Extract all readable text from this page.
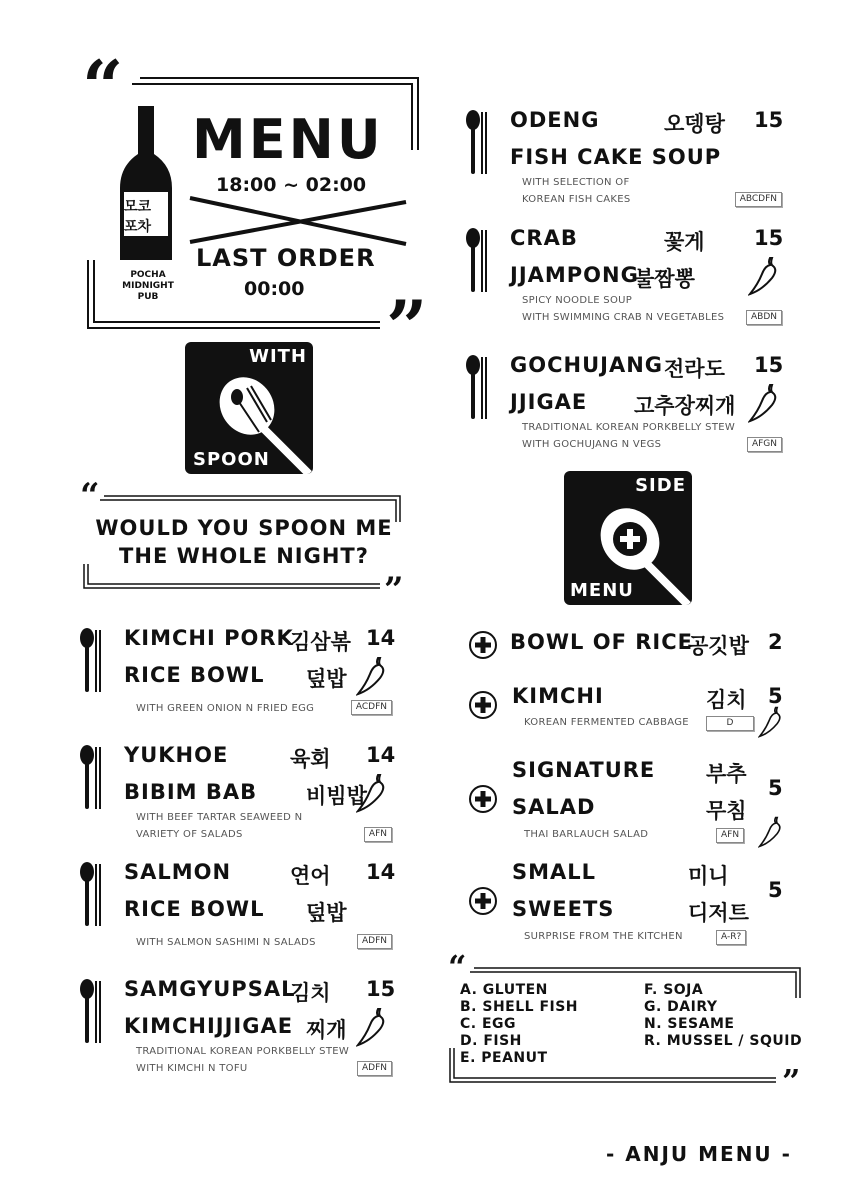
“
”
모코
포차
POCHA
MIDNIGHT
PUB
MENU
18:00 ~ 02:00
LAST ORDER
00:00
WITH
SPOON
“
”
WOULD YOU SPOON ME
THE WHOLE NIGHT?
KIMCHI PORK
RICE BOWL
김삼볶
덮밥
14
WITH GREEN ONION N FRIED EGG	ACDFN
YUKHOE
BIBIM BAB
육회
비빔밥
14
WITH BEEF TARTAR SEAWEED N
VARIETY OF SALADS	AFN
SALMON
RICE BOWL
연어
덮밥
14
WITH SALMON SASHIMI N SALADS	ADFN
SAMGYUPSAL
KIMCHIJJIGAE
김치
찌개
15
TRADITIONAL KOREAN PORKBELLY STEW
WITH KIMCHI N TOFU	ADFN
ODENG
FISH CAKE SOUP
오뎅탕 15
WITH SELECTION OF
KOREAN FISH CAKES	ABCDFN
CRAB
JJAMPONG
꽃게
불짬뽕
15
SPICY NOODLE SOUP
WITH SWIMMING CRAB N VEGETABLES	ABDN
GOCHUJANG
JJIGAE
전라도
고추장찌개
15
TRADITIONAL KOREAN PORKBELLY STEW
WITH GOCHUJANG N VEGS	AFGN
SIDE
MENU
BOWL OF RICE
공깃밥 2
KIMCHI	김치 5
KOREAN FERMENTED CABBAGE	D
SIGNATURE
SALAD
부추
무침
5
THAI BARLAUCH SALAD	AFN
SMALL
SWEETS
미니
디저트
5
SURPRISE FROM THE KITCHEN	A-R?
“
”
A. GLUTEN
B. SHELL FISH
C. EGG
D. FISH
E. PEANUT
F. SOJA
G. DAIRY
N. SESAME
R. MUSSEL / SQUID
- ANJU MENU -
